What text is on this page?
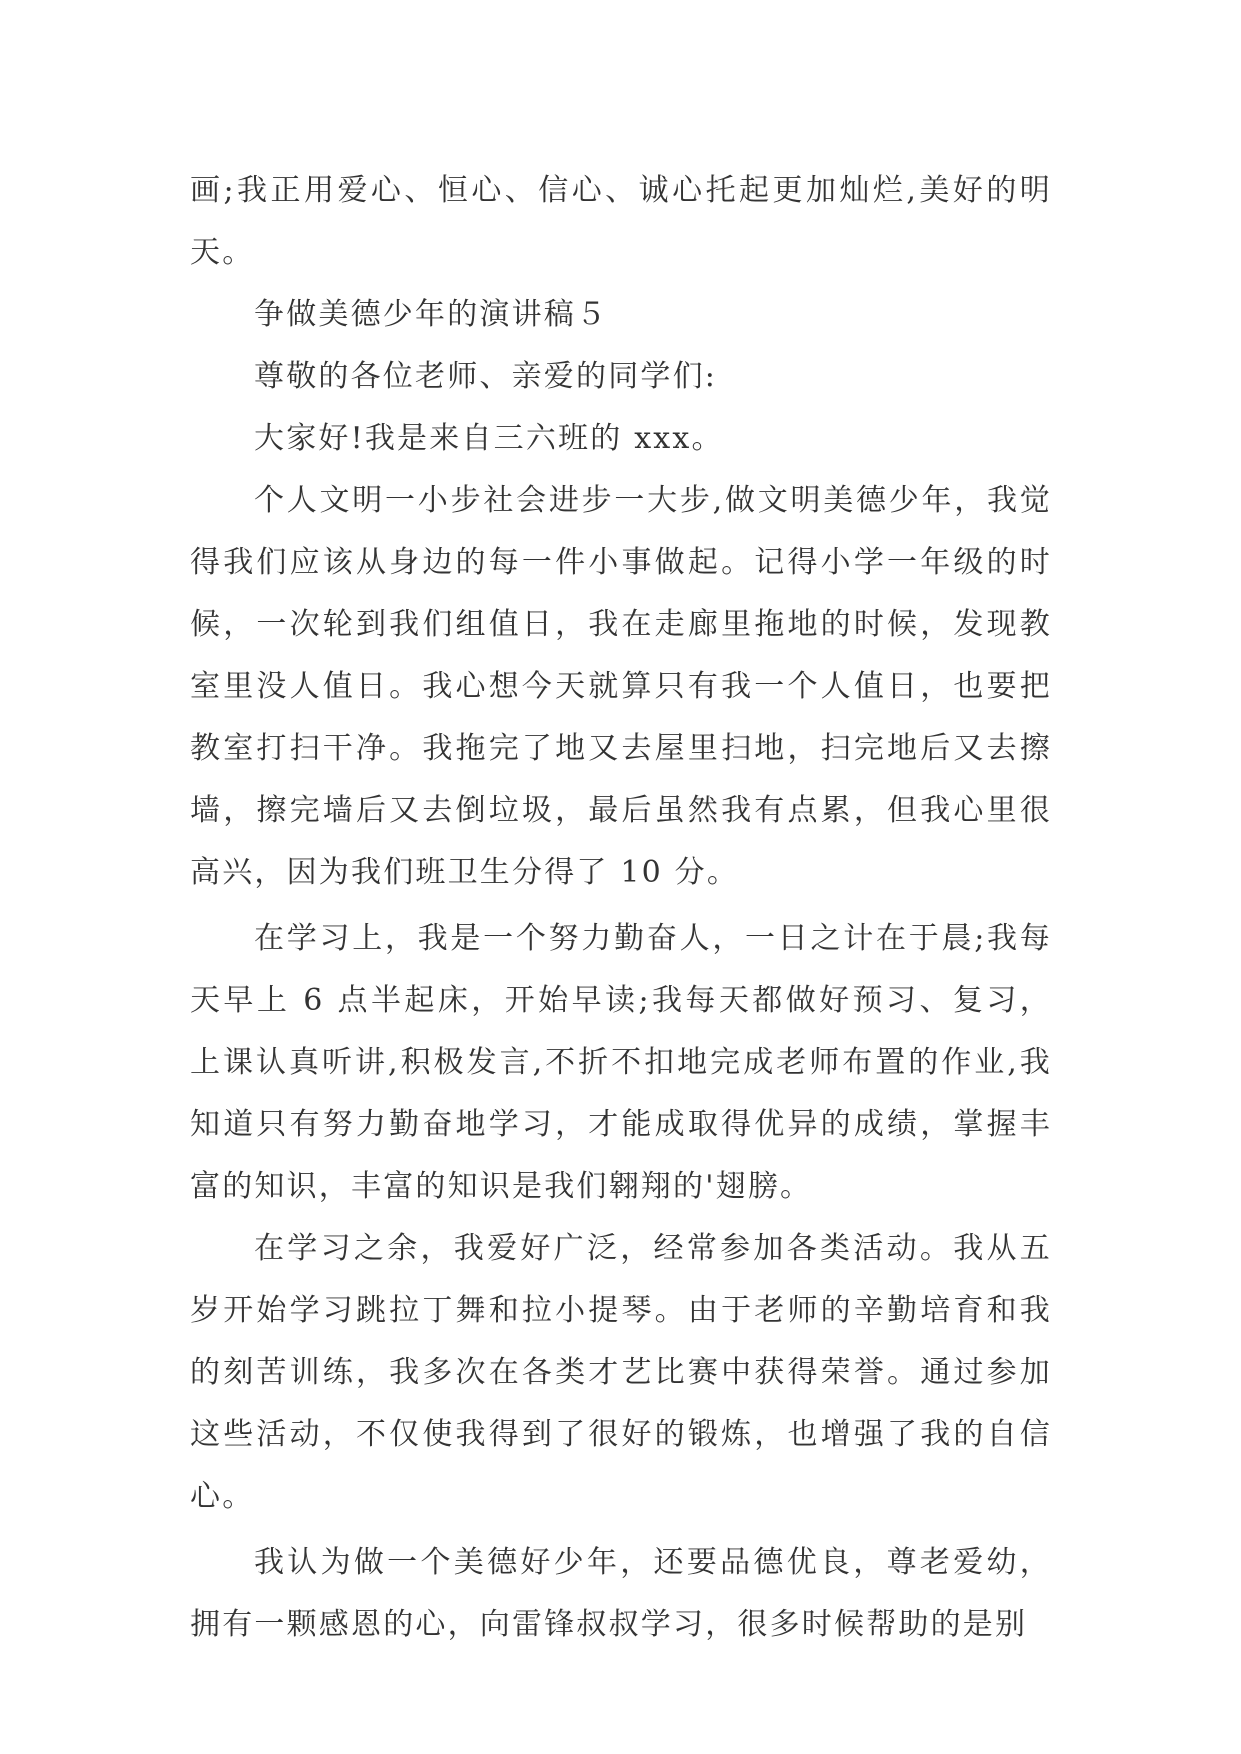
画;我正用爱心、恒心、信心、诚心托起更加灿烂,美好的明天。

争做美德少年的演讲稿５

尊敬的各位老师、亲爱的同学们:

大家好!我是来自三六班的 xxx。

个人文明一小步社会进步一大步,做文明美德少年，我觉得我们应该从身边的每一件小事做起。记得小学一年级的时候，一次轮到我们组值日，我在走廊里拖地的时候，发现教室里没人值日。我心想今天就算只有我一个人值日，也要把教室打扫干净。我拖完了地又去屋里扫地，扫完地后又去擦墙，擦完墙后又去倒垃圾，最后虽然我有点累，但我心里很高兴，因为我们班卫生分得了 10 分。

在学习上，我是一个努力勤奋人，一日之计在于晨;我每天早上 6 点半起床，开始早读;我每天都做好预习、复习，上课认真听讲,积极发言,不折不扣地完成老师布置的作业,我知道只有努力勤奋地学习，才能成取得优异的成绩，掌握丰富的知识，丰富的知识是我们翱翔的'翅膀。

在学习之余，我爱好广泛，经常参加各类活动。我从五岁开始学习跳拉丁舞和拉小提琴。由于老师的辛勤培育和我的刻苦训练，我多次在各类才艺比赛中获得荣誉。通过参加这些活动，不仅使我得到了很好的锻炼，也增强了我的自信心。

我认为做一个美德好少年，还要品德优良，尊老爱幼，拥有一颗感恩的心，向雷锋叔叔学习，很多时候帮助的是别
